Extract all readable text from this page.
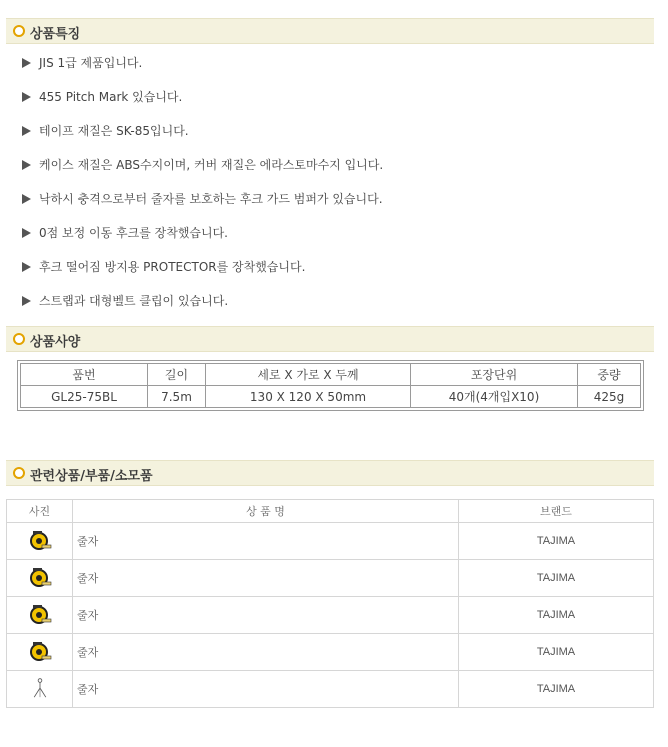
상품특징
JIS 1급 제품입니다.
455 Pitch Mark 있습니다.
테이프 재질은 SK-85입니다.
케이스 재질은 ABS수지이며, 커버 재질은 에라스토마수지 입니다.
낙하시 충격으로부터 줄자를 보호하는 후크 가드 범퍼가 있습니다.
0점 보정 이동 후크를 장착했습니다.
후크 떨어짐 방지용 PROTECTOR를 장착했습니다.
스트랩과 대형벨트 클립이 있습니다.
상품사양
품번	길이	세로 X 가로 X 두께	포장단위	중량
GL25-75BL	7.5m	130 X 120 X 50mm	40개(4개입X10)	425g
관련상품/부품/소모품
사진	상 품 명	브랜드
	줄자	TAJIMA
	줄자	TAJIMA
	줄자	TAJIMA
	줄자	TAJIMA
	줄자	TAJIMA
